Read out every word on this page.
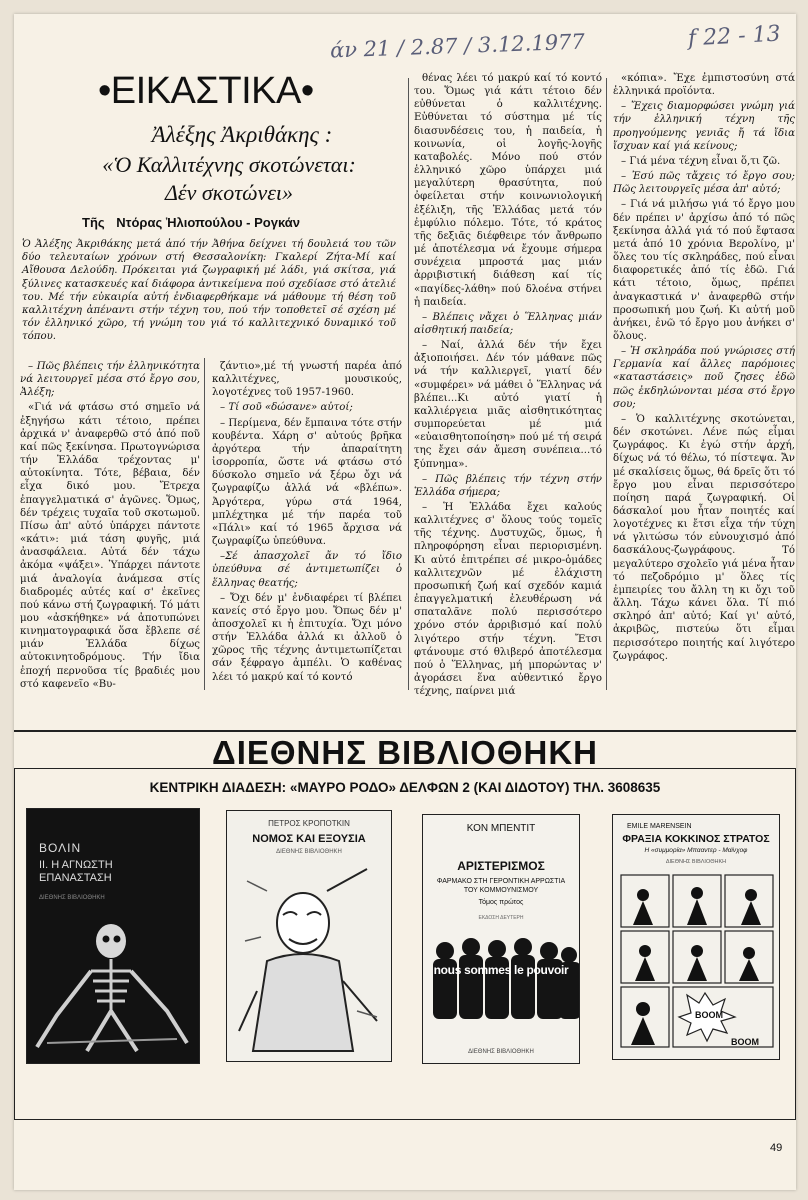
άν 21 / 2.87 / 3.12.1977	f 22 - 13
•ΕΙΚΑΣΤΙΚΑ•
Ἀλέξης Ἀκριθάκης :
«Ὁ Καλλιτέχνης σκοτώνεται:
Δέν σκοτώνει»
Τῆς Ντόρας Ἠλιοπούλου - Ρογκάν
Ὁ Ἀλέξης Ἀκριθάκης μετά ἀπό τήν Ἀθήνα δείχνει τή δουλειά του τῶν δύο τελευταίων χρόνων στή Θεσσαλονίκη: Γκαλερί Ζήτα-Μί καί Αἴθουσα Δελούδη. Πρόκειται γιά ζωγραφική μέ λάδι, γιά σκίτσα, γιά ξύλινες κατασκευές καί διάφορα ἀντικείμενα πού σχεδίασε στό ἀτελιέ του. Μέ τήν εὐκαιρία αὐτή ἐνδιαφερθήκαμε νά μάθουμε τή θέση τοῦ καλλιτέχνη ἀπέναντι στήν τέχνη του, πού τήν τοποθετεῖ σέ σχέση μέ τόν ἑλληνικό χῶρο, τή γνώμη του γιά τό καλλιτεχνικό δυναμικό τοῦ τόπου.

– Πῶς βλέπεις τήν ἑλληνικότητα νά λειτουργεῖ μέσα στό ἔργο σου, Ἀλέξη;

«Γιά νά φτάσω στό σημεῖο νά ἐξηγήσω κάτι τέτοιο, πρέπει ἀρχικά ν' ἀναφερθῶ στό ἀπό ποῦ καί πῶς ξεκίνησα. Πρωτογνώρισα τήν Ἑλλάδα τρέχοντας μ' αὐτοκίνητα. Τότε, βέβαια, δέν εἶχα δικό μου. Ἔτρεχα ἐπαγγελματικά σ' ἀγῶνες. Ὅμως, δέν τρέχεις τυχαῖα τοῦ σκοτωμοῦ. Πίσω ἀπ' αὐτό ὑπάρχει πάντοτε «κάτι»: μιά τάση φυγῆς, μιά ἀνασφάλεια. Αὐτά δέν τάχω ἀκόμα «ψάξει». Ὑπάρχει πάντοτε μιά ἀναλογία ἀνάμεσα στίς διαδρομές αὐτές καί σ' ἐκεῖνες πού κάνω στή ζωγραφική. Τό μάτι μου «ἀσκήθηκε» νά ἀποτυπώνει κινηματογραφικά ὅσα ἔβλεπε σέ μιάν Ἑλλάδα δίχως αὐτοκινητοδρόμους. Τήν ἴδια ἐποχή περνοῦσα τίς βραδιές μου στό καφενεῖο «Βυ-

ζάντιο»,μέ τή γνωστή παρέα ἀπό καλλιτέχνες, μουσικούς, λογοτέχνες τοῦ 1957-1960.

– Τί σοῦ «δώσανε» αὐτοί;

– Περίμενα, δέν ἔμπαινα τότε στήν κουβέντα. Χάρη σ' αὐτούς βρῆκα ἀργότερα τήν ἀπαραίτητη ἰσορροπία, ὥστε νά φτάσω στό δύσκολο σημεῖο νά ξέρω ὄχι νά ζωγραφίζω ἀλλά νά «βλέπω». Ἀργότερα, γύρω στά 1964, μπλέχτηκα μέ τήν παρέα τοῦ «Πάλι» καί τό 1965 ἄρχισα νά ζωγραφίζω ὑπεύθυνα.

–Σέ ἀπασχολεῖ ἄν τό ἴδιο ὑπεύθυνα σέ ἀντιμετωπίζει ὁ ἕλληνας θεατής;

– Ὄχι δέν μ' ἐνδιαφέρει τί βλέπει κανείς στό ἔργο μου. Ὅπως δέν μ' ἀποσχολεῖ κι ἡ ἐπιτυχία. Ὄχι μόνο στήν Ἑλλάδα ἀλλά κι ἀλλοῦ ὁ χῶρος τῆς τέχνης ἀντιμετωπίζεται σάν ξέφραγο ἀμπέλι. Ὁ καθένας λέει τό μακρύ καί τό κοντό

θένας λέει τό μακρύ καί τό κοντό του. Ὅμως γιά κάτι τέτοιο δέν εὐθύνεται ὁ καλλιτέχνης. Εὐθύνεται τό σύστημα μέ τίς διασυνδέσεις του, ἡ παιδεία, ἡ κοινωνία, οἱ λογῆς-λογῆς καταβολές. Μόνο πού στόν ἑλληνικό χῶρο ὑπάρχει μιά μεγαλύτερη θρασύτητα, πού ὀφείλεται στήν κοινωνιολογική ἐξέλιξη, τῆς Ἑλλάδας μετά τόν ἐμφύλιο πόλεμο. Τότε, τό κράτος τῆς δεξιᾶς διέφθειρε τόν ἄνθρωπο μέ ἀποτέλεσμα νά ἔχουμε σήμερα συνέχεια μπροστά μας μιάν ἀρριβιστική διάθεση καί τίς «παγίδες-λάθη» πού δλοένα στήνει ἡ παιδεία.

– Βλέπεις νἄχει ὁ Ἕλληνας μιάν αἰσθητική παιδεία;

– Ναί, ἀλλά δέν τήν ἔχει ἀξιοποιήσει. Δέν τόν μάθανε πῶς νά τήν καλλιεργεῖ, γιατί δέν «συμφέρει» νά μάθει ὁ Ἕλληνας νά βλέπει...Κι αὐτό γιατί ἡ καλλιέργεια μιᾶς αἰσθητικότητας συμπορεύεται μέ μιά «εὐαισθητοποίηση» πού μέ τή σειρά της ἔχει σάν ἄμεση συνέπεια...τό ξύπνημα».

– Πῶς βλέπεις τήν τέχνη στήν Ἑλλάδα σήμερα;

– Ἡ Ἑλλάδα ἔχει καλούς καλλιτέχνες σ' ὅλους τούς τομεῖς τῆς τέχνης. Δυστυχῶς, ὅμως, ἡ πληροφόρηση εἶναι περιορισμένη. Κι αὐτό ἐπιτρέπει σέ μικρο-ὁμάδες καλλιτεχνῶν μέ ἐλάχιστη προσωπική ζωή καί σχεδόν καμιά ἐπαγγελματική ἐλευθέρωση νά σπαταλᾶνε πολύ περισσότερο χρόνο στόν ἀρριβισμό καί πολύ λιγότερο στήν τέχνη. Ἔτσι φτάνουμε στό θλιβερό ἀποτέλεσμα πού ὁ Ἕλληνας, μή μπορώντας ν' ἀγοράσει ἕνα αὐθεντικό ἔργο τέχνης, παίρνει μιά

«κόπια». Ἔχε ἐμπιστοσύνη στά ἑλληνικά προϊόντα.

– Ἔχεις διαμορφώσει γνώμη γιά τήν ἑλληνική τέχνη τῆς προηγούμενης γενιᾶς ἤ τά ἴδια ἴσχυαν καί γιά κείνους;

– Γιά μένα τέχνη εἶναι ὅ,τι ζῶ.

– Ἐσύ πῶς τἄχεις τό ἔργο σου; Πῶς λειτουργεῖς μέσα ἀπ' αὐτό;

– Γιά νά μιλήσω γιά τό ἔργο μου δέν πρέπει ν' ἀρχίσω ἀπό τό πῶς ξεκίνησα ἀλλά γιά τό πού ἔφτασα μετά ἀπό 10 χρόνια Βερολίνο, μ' ὅλες του τίς σκληράδες, πού εἶναι διαφορετικές ἀπό τίς ἐδῶ. Γιά κάτι τέτοιο, ὅμως, πρέπει ἀναγκαστικά ν' ἀναφερθῶ στήν προσωπική μου ζωή. Κι αὐτή μοῦ ἀνήκει, ἐνῶ τό ἔργο μου ἀνήκει σ' ὅλους.

– Ἡ σκληράδα πού γνώρισες στή Γερμανία καί ἄλλες παρόμοιες «καταστάσεις» ποῦ ζησες ἐδῶ πῶς ἐκδηλώνονται μέσα στό ἔργο σου;

– Ὁ καλλιτέχνης σκοτώνεται, δέν σκοτώνει. Λένε πώς εἶμαι ζωγράφος. Κι ἐγώ στήν ἀρχή, δίχως νά τό θέλω, τό πίστεψα. Ἄν μέ σκαλίσεις ὅμως, θά δρεῖς ὅτι τό ἔργο μου εἶναι περισσότερο ποίηση παρά ζωγραφική. Οἱ δάσκαλοί μου ἦταν ποιητές καί λογοτέχνες κι ἔτσι εἶχα τήν τύχη νά γλιτώσω τόν εὐνουχισμό ἀπό δασκάλους-ζωγράφους. Τό μεγαλύτερο σχολεῖο γιά μένα ἦταν τό πεζοδρόμιο μ' ὅλες τίς ἐμπειρίες του ἄλλη τη κι ὄχι τοῦ ἄλλη. Τάχω κάνει ὅλα. Τί πιό σκληρό ἀπ' αὐτό; Καί γι' αὐτό, ἀκριβῶς, πιστεύω ὅτι εἶμαι περισσότερο ποιητής καί λιγότερο ζωγράφος.

ΔΙΕΘΝΗΣ ΒΙΒΛΙΟΘΗΚΗ
ΚΕΝΤΡΙΚΗ ΔΙΑΔΕΣΗ: «ΜΑΥΡΟ ΡΟΔΟ» ΔΕΛΦΩΝ 2 (ΚΑΙ ΔΙΔΟΤΟΥ) ΤΗΛ. 3608635
ΒΟΛΙΝ
ΙΙ. Η ΑΓΝΩΣΤΗ ΕΠΑΝΑΣΤΑΣΗ
ΔΙΕΘΝΗΣ ΒΙΒΛΙΟΘΗΚΗ
ΠΕΤΡΟΣ ΚΡΟΠΟΤΚΙΝ
ΝΟΜΟΣ ΚΑΙ ΕΞΟΥΣΙΑ
ΔΙΕΘΝΗΣ ΒΙΒΛΙΟΘΗΚΗ
ΚΟΝ ΜΠΕΝΤΙΤ
ΑΡΙΣΤΕΡΙΣΜΟΣ
ΦΑΡΜΑΚΟ ΣΤΗ ΓΕΡΟΝΤΙΚΗ ΑΡΡΩΣΤΙΑ ΤΟΥ ΚΟΜΜΟΥΝΙΣΜΟΥ
Τόμος πρώτος
ΕΚΔΟΣΗ ΔΕΥΤΕΡΗ
nous sommes le pouvoir
ΔΙΕΘΝΗΣ ΒΙΒΛΙΟΘΗΚΗ
EMILE MARENSEIN
ΦΡΑΞΙΑ ΚΟΚΚΙΝΟΣ ΣΤΡΑΤΟΣ
Η «συμμορία» Μπααντερ - Μαϊνχοφ
ΔΙΕΘΝΗΣ ΒΙΒΛΙΟΘΗΚΗ
BOOM
BOOM
49
